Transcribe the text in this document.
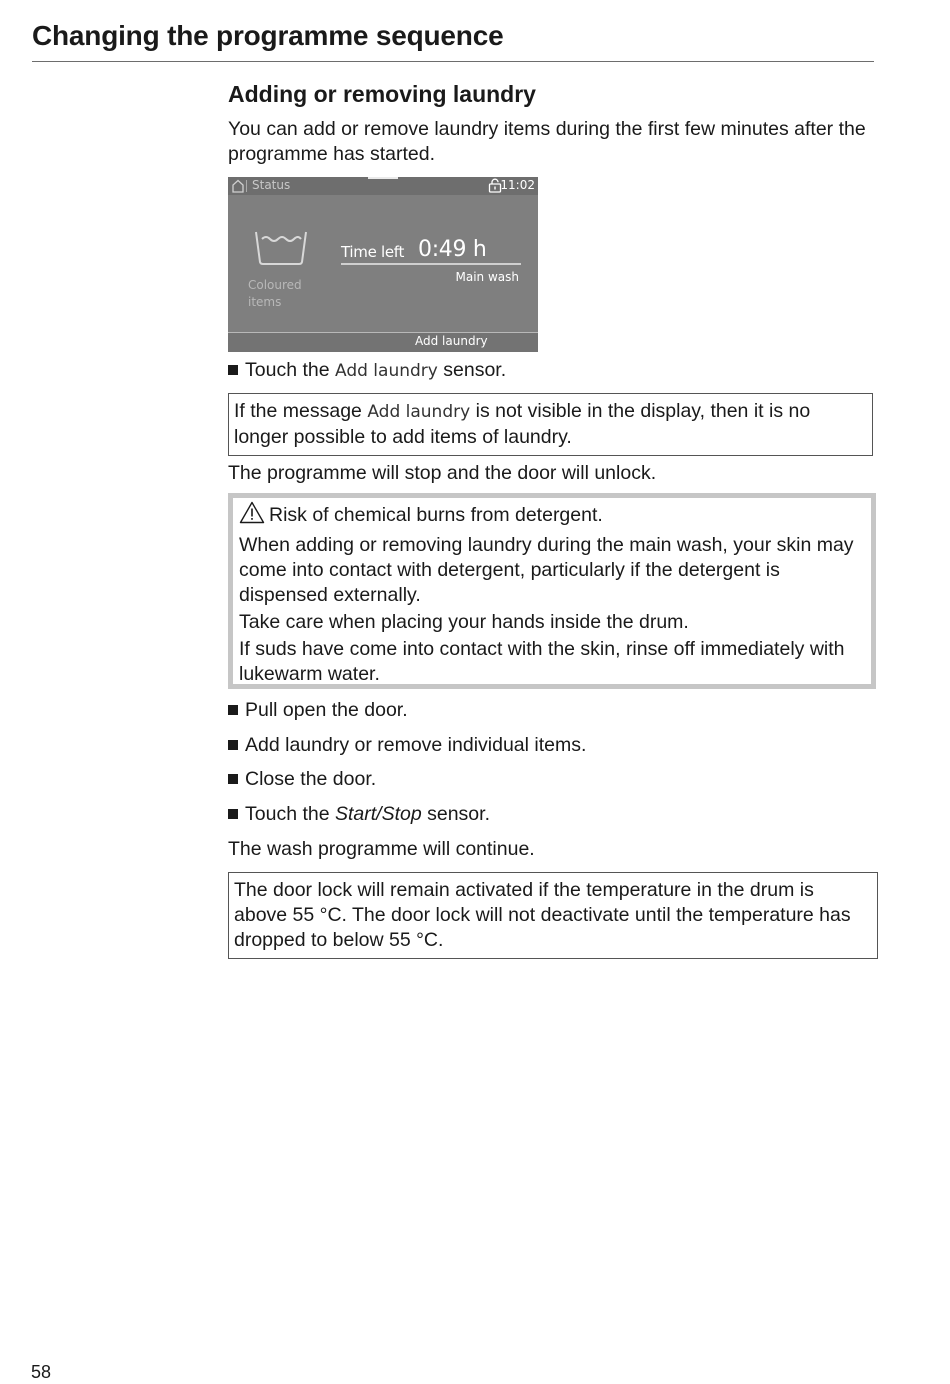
Changing the programme sequence
Adding or removing laundry
You can add or remove laundry items during the first few minutes after the programme has started.
Status	11:02
Coloured items
Time left 0:49 h
Main wash
Add laundry
Touch the Add laundry sensor.
If the message Add laundry is not visible in the display, then it is no longer possible to add items of laundry.
The programme will stop and the door will unlock.

Risk of chemical burns from detergent.

When adding or removing laundry during the main wash, your skin may come into contact with detergent, particularly if the detergent is dispensed externally.

Take care when placing your hands inside the drum.

If suds have come into contact with the skin, rinse off immediately with lukewarm water.

Pull open the door.
Add laundry or remove individual items.
Close the door.
Touch the Start/Stop sensor.
The wash programme will continue.
The door lock will remain activated if the temperature in the drum is above 55 °C. The door lock will not deactivate until the temperature has dropped to below 55 °C.
58
